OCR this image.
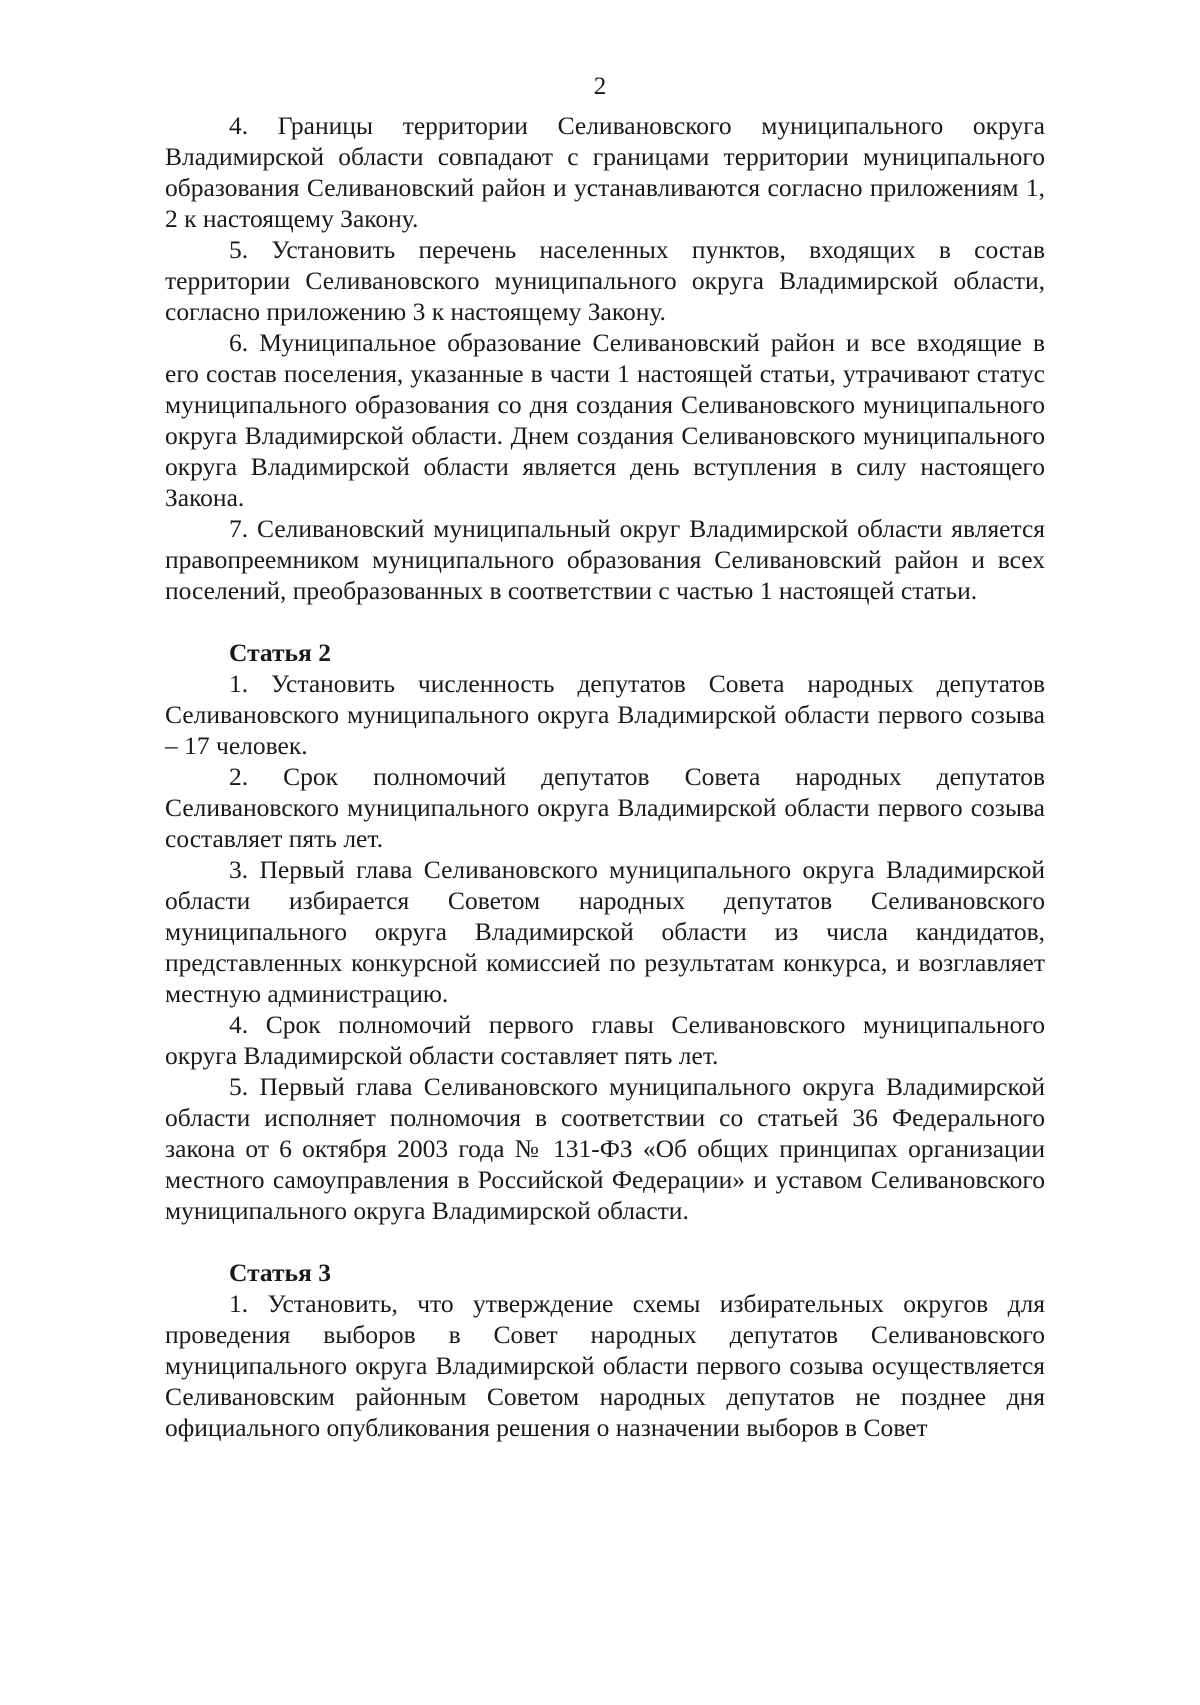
2

4. Границы территории Селивановского муниципального округа Владимирской области совпадают с границами территории муниципального образования Селивановский район и устанавливаются согласно приложениям 1, 2 к настоящему Закону.

5. Установить перечень населенных пунктов, входящих в состав территории Селивановского муниципального округа Владимирской области, согласно приложению 3 к настоящему Закону.

6. Муниципальное образование Селивановский район и все входящие в его состав поселения, указанные в части 1 настоящей статьи, утрачивают статус муниципального образования со дня создания Селивановского муниципального округа Владимирской области. Днем создания Селивановского муниципального округа Владимирской области является день вступления в силу настоящего Закона.

7. Селивановский муниципальный округ Владимирской области является правопреемником муниципального образования Селивановский район и всех поселений, преобразованных в соответствии с частью 1 настоящей статьи.

Статья 2

1. Установить численность депутатов Совета народных депутатов Селивановского муниципального округа Владимирской области первого созыва – 17 человек.

2. Срок полномочий депутатов Совета народных депутатов Селивановского муниципального округа Владимирской области первого созыва составляет пять лет.

3. Первый глава Селивановского муниципального округа Владимирской области избирается Советом народных депутатов Селивановского муниципального округа Владимирской области из числа кандидатов, представленных конкурсной комиссией по результатам конкурса, и возглавляет местную администрацию.

4. Срок полномочий первого главы Селивановского муниципального округа Владимирской области составляет пять лет.

5. Первый глава Селивановского муниципального округа Владимирской области исполняет полномочия в соответствии со статьей 36 Федерального закона от 6 октября 2003 года № 131-ФЗ «Об общих принципах организации местного самоуправления в Российской Федерации» и уставом Селивановского муниципального округа Владимирской области.

Статья 3

1. Установить, что утверждение схемы избирательных округов для проведения выборов в Совет народных депутатов Селивановского муниципального округа Владимирской области первого созыва осуществляется Селивановским районным Советом народных депутатов не позднее дня официального опубликования решения о назначении выборов в Совет
